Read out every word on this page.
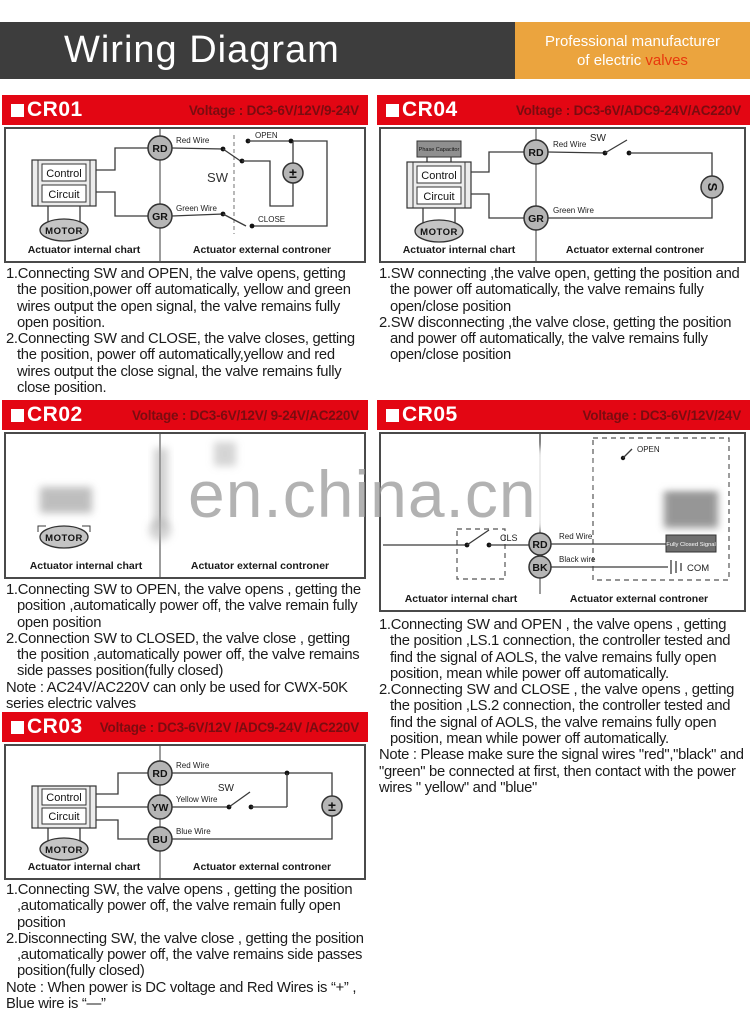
Wiring Diagram	Professional manufacturer
of electric valves
CR01	Voltage : DC3-6V/12V/9-24V
Control
Circuit
MOTOR
RD
GR
Red Wire
Green Wire
SW
OPEN
±
CLOSE
Actuator internal chart	Actuator external controner

1.Connecting SW and OPEN, the valve opens, getting the position,power off automatically, yellow and green wires output the open signal, the valve remains fully open position.

2.Connecting SW and CLOSE, the valve closes, getting the position, power off automatically,yellow and red wires output the close signal, the valve remains fully close position.

CR04	Voltage : DC3-6V/ADC9-24V/AC220V
Phase Capacitor
Control
Circuit
MOTOR
RD
GR
Red Wire
Green Wire
SW
S
Actuator internal chart	Actuator external controner

1.SW connecting ,the valve open, getting the position and the power off automatically, the valve remains fully open/close position

2.SW disconnecting ,the valve close, getting the position and power off automatically, the valve remains fully open/close position

CR02	Voltage : DC3-6V/12V/ 9-24V/AC220V
MOTOR
Actuator internal chart	Actuator external controner

1.Connecting SW to OPEN, the valve opens , getting the position ,automatically power off, the valve remain fully open position

2.Connection SW to CLOSED, the valve close , getting the position ,automatically power off, the valve remains side passes position(fully closed)

Note : AC24V/AC220V can only be used for CWX-50K series electric valves

CR05	Voltage : DC3-6V/12V/24V
OPEN
CLS
RD
BK
Red Wire
Fully Closed Signal
Black wire
COM
Actuator internal chart	Actuator external controner

1.Connecting SW and OPEN , the valve opens , getting the position ,LS.1 connection, the controller tested and find the signal of AOLS, the valve remains fully open position, mean while power off automatically.

2.Connecting SW and CLOSE , the valve opens , getting the position ,LS.2 connection, the controller tested and find the signal of AOLS, the valve remains fully open position, mean while power off automatically.

Note : Please make sure the signal wires "red","black" and "green" be connected at first, then contact with the power wires " yellow" and "blue"

CR03 Voltage : DC3-6V/12V /ADC9-24V /AC220V
Control
Circuit
MOTOR
RD
YW
BU
Red Wire
Yellow Wire
Blue Wire
SW
±
Actuator internal chart	Actuator external controner

1.Connecting SW, the valve opens , getting the position ,automatically power off, the valve remain fully open position

2.Disconnecting SW, the valve close , getting the position ,automatically power off, the valve remains side passes position(fully closed)

Note : When power is DC voltage and Red Wires is “+” , Blue wire is “—”

en.china.cn
